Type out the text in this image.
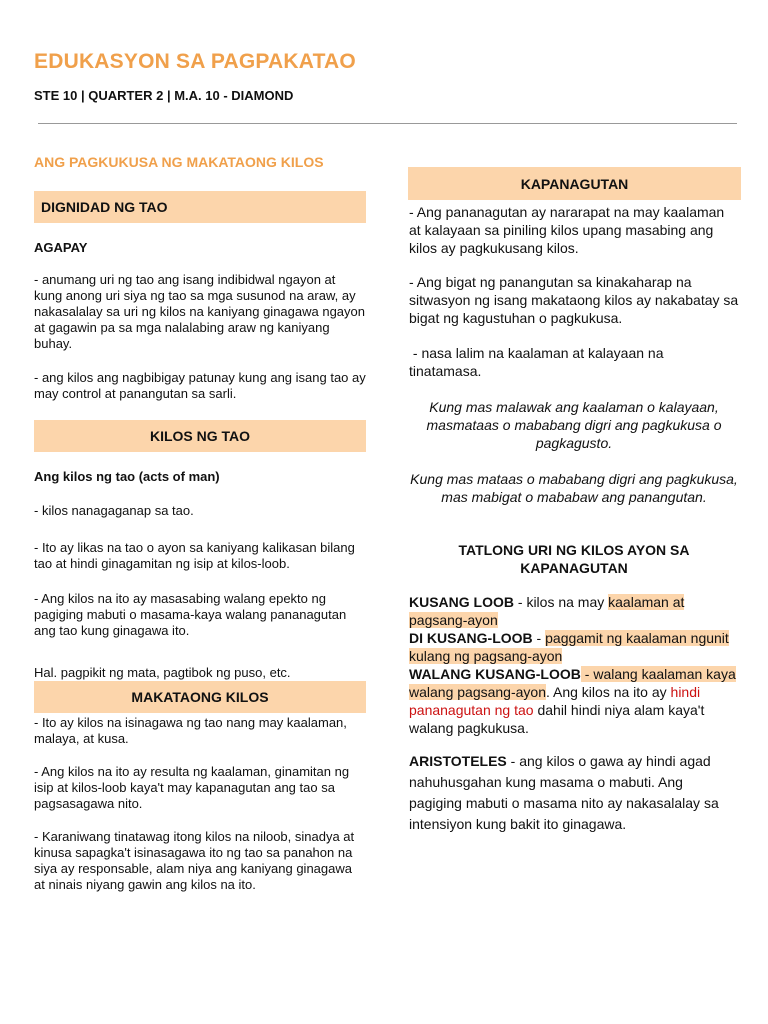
EDUKASYON SA PAGPAKATAO
STE 10 | QUARTER 2 | M.A. 10 - DIAMOND
ANG PAGKUKUSA NG MAKATAONG KILOS
DIGNIDAD NG TAO
AGAPAY
- anumang uri ng tao ang isang indibidwal ngayon at kung anong uri siya ng tao sa mga susunod na araw, ay nakasalalay sa uri ng kilos na kaniyang ginagawa ngayon at gagawin pa sa mga nalalabing araw ng kaniyang buhay.
- ang kilos ang nagbibigay patunay kung ang isang tao ay may control at panangutan sa sarli.
KILOS NG TAO
Ang kilos ng tao (acts of man)
- kilos nanagaganap sa tao.
- Ito ay likas na tao o ayon sa kaniyang kalikasan bilang tao at hindi ginagamitan ng isip at kilos-loob.
- Ang kilos na ito ay masasabing walang epekto ng pagiging mabuti o masama-kaya walang pananagutan ang tao kung ginagawa ito.
Hal. pagpikit ng mata, pagtibok ng puso, etc.
MAKATAONG KILOS
- Ito ay kilos na isinagawa ng tao nang may kaalaman, malaya, at kusa.
- Ang kilos na ito ay resulta ng kaalaman, ginamitan ng isip at kilos-loob kaya't may kapanagutan ang tao sa pagsasagawa nito.
- Karaniwang tinatawag itong kilos na niloob, sinadya at kinusa sapagka't isinasagawa ito ng tao sa panahon na siya ay responsable, alam niya ang kaniyang ginagawa at ninais niyang gawin ang kilos na ito.
KAPANAGUTAN
- Ang pananagutan ay nararapat na may kaalaman at kalayaan sa piniling kilos upang masabing ang kilos ay pagkukusang kilos.
- Ang bigat ng panangutan sa kinakaharap na sitwasyon ng isang makataong kilos ay nakabatay sa bigat ng kagustuhan o pagkukusa.
- nasa lalim na kaalaman at kalayaan na tinatamasa.
Kung mas malawak ang kaalaman o kalayaan, masmataas o mababang digri ang pagkukusa o pagkagusto.
Kung mas mataas o mababang digri ang pagkukusa, mas mabigat o mababaw ang panangutan.
TATLONG URI NG KILOS AYON SA KAPANAGUTAN
KUSANG LOOB - kilos na may kaalaman at pagsang-ayon
DI KUSANG-LOOB - paggamit ng kaalaman ngunit kulang ng pagsang-ayon
WALANG KUSANG-LOOB - walang kaalaman kaya walang pagsang-ayon. Ang kilos na ito ay hindi pananagutan ng tao dahil hindi niya alam kaya't walang pagkukusa.
ARISTOTELES - ang kilos o gawa ay hindi agad nahuhusgahan kung masama o mabuti. Ang pagiging mabuti o masama nito ay nakasalalay sa intensiyon kung bakit ito ginagawa.
